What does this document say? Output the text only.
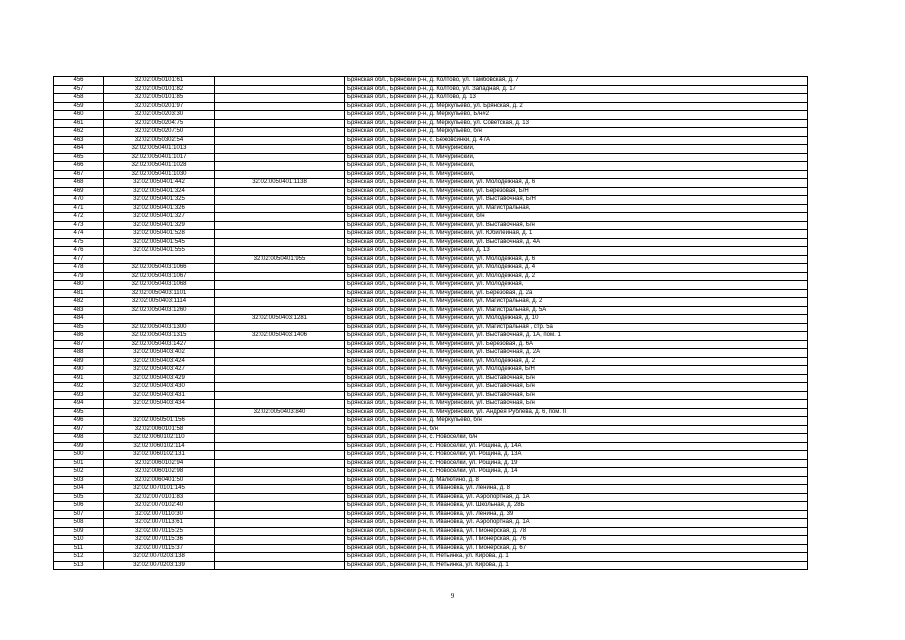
456	32:02:0050101:61		Брянская обл., Брянский р-н, д. Колтово, ул. Тамбовская, д. 7
457	32:02:0050101:82		Брянская обл., Брянский р-н, д. Колтово, ул. Западная, д. 17
458	32:02:0050101:85		Брянская обл., Брянский р-н, д. Колтово, д. 13
459	32:02:0050201:97		Брянская обл., Брянский р-н, д. Меркульево, ул. Брянская, д. 2
460	32:02:0050203:30		Брянская обл., Брянский р-н, д. Меркульево, Б/н#2
461	32:02:0050204:75		Брянская обл., Брянский р-н, д. Меркульево, ул. Советская, д. 13
462	32:02:0050207:50		Брянская обл., Брянский р-н, д. Меркульево, б/н
463	32:02:0050302:54		Брянская обл., Брянский р-н, с. Бежовсинки, д. 47А
464	32:02:0050401:1013		Брянская обл., Брянский р-н, п. Мичуринский,
465	32:02:0050401:1017		Брянская обл., Брянский р-н, п. Мичуринский,
466	32:02:0050401:1028		Брянская обл., Брянский р-н, п. Мичуринский,
467	32:02:0050401:1030		Брянская обл., Брянский р-н, п. Мичуринский,
468	32:02:0050401:442	32:02:0050401:1138	Брянская обл., Брянский р-н, п. Мичуринский, ул. Молодежная, д. 6
469	32:02:0050401:324		Брянская обл., Брянский р-н, п. Мичуринский, ул. Березовая, Б/Н
470	32:02:0050401:325		Брянская обл., Брянский р-н, п. Мичуринский, ул. Выставочная, Б/Н
471	32:02:0050401:326		Брянская обл., Брянский р-н, п. Мичуринский, ул. Магистральная,
472	32:02:0050401:327		Брянская обл., Брянский р-н, п. Мичуринский, б/н
473	32:02:0050401:329		Брянская обл., Брянский р-н, п. Мичуринский, ул. Выставочная, Б/н
474	32:02:0050401:528		Брянская обл., Брянский р-н, п. Мичуринский, ул. Юбилейная, д. 1
475	32:02:0050401:545		Брянская обл., Брянский р-н, п. Мичуринский, ул. Выставочная, д. 4А
476	32:02:0050401:555		Брянская обл., Брянский р-н, п. Мичуринский, д. 13
477		32:02:0050401:955	Брянская обл., Брянский р-н, п. Мичуринский, ул. Молодежная, д. 6
478	32:02:0050403:1066		Брянская обл., Брянский р-н, п. Мичуринский, ул. Молодежная, д. 4
479	32:02:0050403:1067		Брянская обл., Брянский р-н, п. Мичуринский, ул. Молодежная, д. 2
480	32:02:0050403:1068		Брянская обл., Брянский р-н, п. Мичуринский, ул. Молодежная,
481	32:02:0050403:1101		Брянская обл., Брянский р-н, п. Мичуринский, ул. Березовая, д. 2а
482	32:02:0050403:1114		Брянская обл., Брянский р-н, п. Мичуринский, ул. Магистральная, д. 2
483	32:02:0050403:1260		Брянская обл., Брянский р-н, п. Мичуринский, ул. Магистральная, д. 5А
484		32:02:0050403:1281	Брянская обл., Брянский р-н, п. Мичуринский, ул. Молодежная, д. 10
485	32:02:0050403:1300		Брянская обл., Брянский р-н, п. Мичуринский, ул. Магистральная , стр. 5а
486	32:02:0050403:1315	32:02:0050403:1406	Брянская обл., Брянский р-н, п. Мичуринский, ул. Выставочная, д. 1А, пом. 1
487	32:02:0050403:1427		Брянская обл., Брянский р-н, п. Мичуринский, ул. Березовая, д. 6А
488	32:02:0050403:402		Брянская обл., Брянский р-н, п. Мичуринский, ул. Выставочная, д. 2А
489	32:02:0050403:424		Брянская обл., Брянский р-н, п. Мичуринский, ул. Молодежная, д. 2
490	32:02:0050403:427		Брянская обл., Брянский р-н, п. Мичуринский, ул. Молодежная, Б/Н
491	32:02:0050403:429		Брянская обл., Брянский р-н, п. Мичуринский, ул. Выставочная, Б/н
492	32:02:0050403:430		Брянская обл., Брянский р-н, п. Мичуринский, ул. Выставочная, Б/н
493	32:02:0050403:431		Брянская обл., Брянский р-н, п. Мичуринский, ул. Выставочная, Б/н
494	32:02:0050403:434		Брянская обл., Брянский р-н, п. Мичуринский, ул. Выставочная, Б/н
495		32:02:0050403:840	Брянская обл., Брянский р-н, п. Мичуринский, ул. Андрея Рублева, д. 6, пом. II
496	32:02:0050501:156		Брянская обл., Брянский р-н, д. Меркульево, б/н
497	32:02:0060101:58		Брянская обл., Брянский р-н, б/н
498	32:02:0060102:110		Брянская обл., Брянский р-н, с. Новоселки, б/н
499	32:02:0060102:114		Брянская обл., Брянский р-н, с. Новоселки, ул. Рощина, д. 14А
500	32:02:0060102:131		Брянская обл., Брянский р-н, с. Новоселки, ул. Рощина, д. 13А
501	32:02:0060102:94		Брянская обл., Брянский р-н, с. Новоселки, ул. Рощина, д. 19
502	32:02:0060102:98		Брянская обл., Брянский р-н, с. Новоселки, ул. Рощина, д. 14
503	32:02:0060401:50		Брянская обл., Брянский р-н, д. Малютино, д. 8
504	32:02:0070101:145		Брянская обл., Брянский р-н, п. Ивановка, ул. Ленина, д. 8
505	32:02:0070101:83		Брянская обл., Брянский р-н, п. Ивановка, ул. Аэропортная, д. 1А
506	32:02:0070102:40		Брянская обл., Брянский р-н, п. Ивановка, ул. Школьная, д. 28Б
507	32:02:0070110:30		Брянская обл., Брянский р-н, п. Ивановка, ул. Ленина, д. 39
508	32:02:0070113:61		Брянская обл., Брянский р-н, п. Ивановка, ул. Аэропортная, д. 1А
509	32:02:0070115:25		Брянская обл., Брянский р-н, п. Ивановка, ул. Пионерская, д. 78
510	32:02:0070115:36		Брянская обл., Брянский р-н, п. Ивановка, ул. Пионерская, д. 76
511	32:02:0070115:37		Брянская обл., Брянский р-н, п. Ивановка, ул. Пионерская, д. 67
512	32:02:0070203:138		Брянская обл., Брянский р-н, п. Нетьинка, ул. Кирова, д. 1
513	32:02:0070203:139		Брянская обл., Брянский р-н, п. Нетьинка, ул. Кирова, д. 1
9
